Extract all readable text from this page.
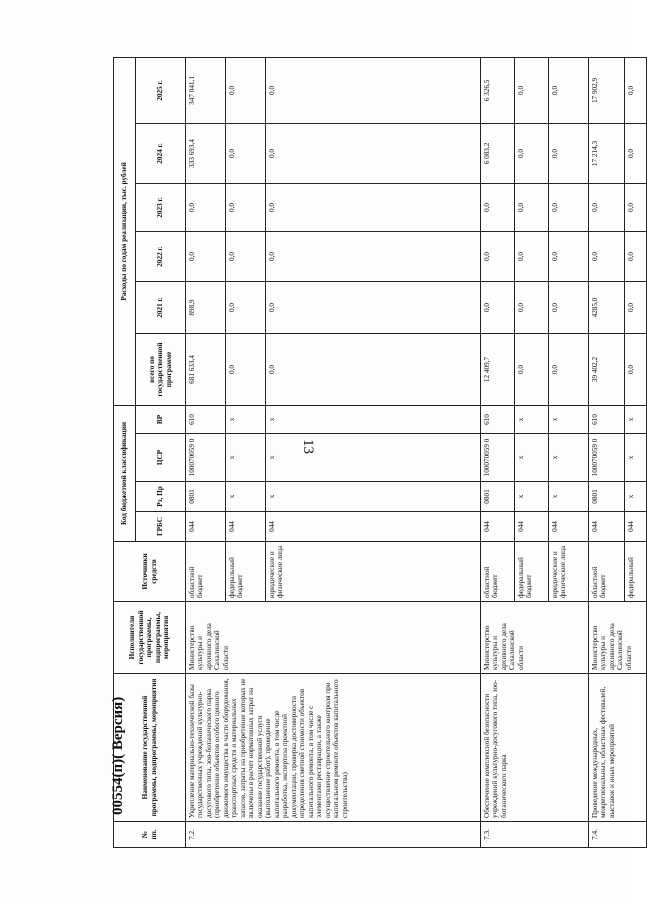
13
№ пп.	Наименование государственной программы, подпрограммы, мероприятия	Исполнители государственной программы, подпрограммы, мероприятия	Источники средств	Код бюджетной классификации				Расходы по годам реализации, тыс. рублей					
				ГРБС	Рз, Пр	ЦСР	ВР	всего по государственной программе	2021 г.	2022 г.	2023 г.	2024 г.	2025 г.
7.2.	Укрепление материально-технической базы государственных учреждений культурно-досугового типа, зоо-ботанического парка (приобретение объектов особого ценного движимого имущества в части оборудования, транспортных средств и материальных запасов, затраты на приобретение которых не включены в расчет нормативных затрат на оказание государственной услуги (выполнение работ), проведение капитального ремонта, в том числе разработка, экспертиза проектной документации, проверка достоверности определения сметной стоимости объектов капитального ремонта, в том числе с элементами реставрации, а также осуществление строительного контроля при капитальном ремонте объектов капитального строительства)	Министерство культуры и архивного дела Сахалинской области	областной бюджет	044	0801	100070059 0	610	681 633,4	898,9	0,0	0,0	333 693,4	347 041,1
			федеральный бюджет	044	x	x	x	0,0	0,0	0,0	0,0	0,0	0,0
			юридические и физические лица	044	x	x	x	0,0	0,0	0,0	0,0	0,0	0,0
7.3.	Обеспечение комплексной безопасности учреждений культурно-досугового типа, зоо-ботанического парка	Министерство культуры и архивного дела Сахалинской области	областной бюджет	044	0801	100070059 0	610	12 409,7	0,0	0,0	0,0	6 083,2	6 326,5
			федеральный бюджет	044	x	x	x	0,0	0,0	0,0	0,0	0,0	0,0
			юридические и физические лица	044	x	x	x	0,0	0,0	0,0	0,0	0,0	0,0
7.4.	Проведение международных, межрегиональных, областных фестивалей, выставок и иных мероприятий	Министерство культуры и архивного дела Сахалинской области	областной бюджет	044	0801	100070059 0	610	39 402,2	4285,0	0,0	0,0	17 214,3	17 902,9
			федеральный	044	x	x	x	0,0	0,0	0,0	0,0	0,0	0,0
00554(п)( Версия)
